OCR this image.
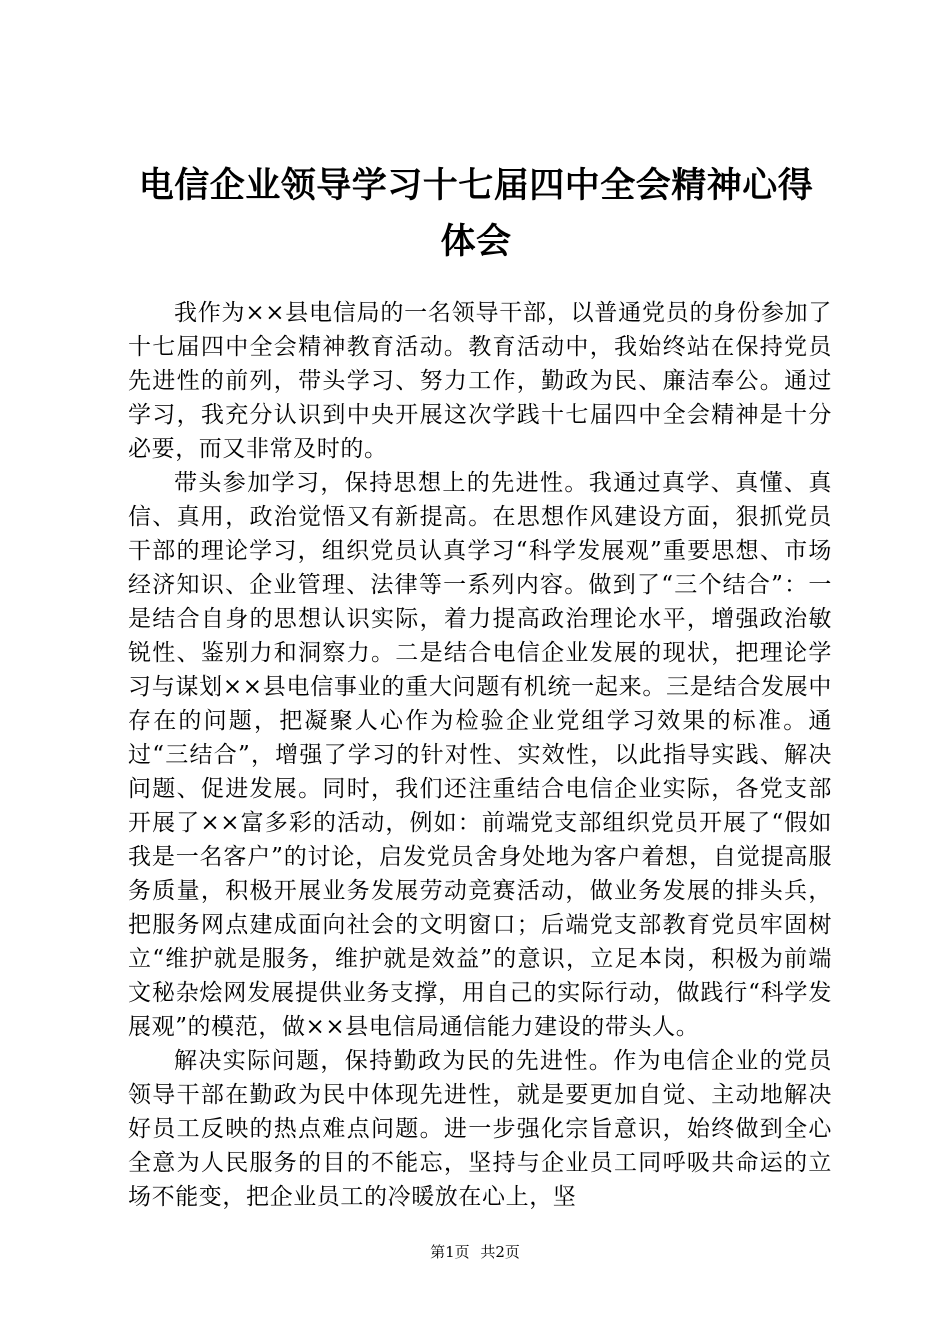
电信企业领导学习十七届四中全会精神心得体会

我作为××县电信局的一名领导干部，以普通党员的身份参加了十七届四中全会精神教育活动。教育活动中，我始终站在保持党员先进性的前列，带头学习、努力工作，勤政为民、廉洁奉公。通过学习，我充分认识到中央开展这次学践十七届四中全会精神是十分必要，而又非常及时的。

带头参加学习，保持思想上的先进性。我通过真学、真懂、真信、真用，政治觉悟又有新提高。在思想作风建设方面，狠抓党员干部的理论学习，组织党员认真学习“科学发展观”重要思想、市场经济知识、企业管理、法律等一系列内容。做到了“三个结合”：一是结合自身的思想认识实际，着力提高政治理论水平，增强政治敏锐性、鉴别力和洞察力。二是结合电信企业发展的现状，把理论学习与谋划××县电信事业的重大问题有机统一起来。三是结合发展中存在的问题，把凝聚人心作为检验企业党组学习效果的标准。通过“三结合”，增强了学习的针对性、实效性，以此指导实践、解决问题、促进发展。同时，我们还注重结合电信企业实际，各党支部开展了××富多彩的活动，例如：前端党支部组织党员开展了“假如我是一名客户”的讨论，启发党员舍身处地为客户着想，自觉提高服务质量，积极开展业务发展劳动竞赛活动，做业务发展的排头兵，把服务网点建成面向社会的文明窗口；后端党支部教育党员牢固树立“维护就是服务，维护就是效益”的意识，立足本岗，积极为前端文秘杂烩网发展提供业务支撑，用自己的实际行动，做践行“科学发展观”的模范，做××县电信局通信能力建设的带头人。

解决实际问题，保持勤政为民的先进性。作为电信企业的党员领导干部在勤政为民中体现先进性，就是要更加自觉、主动地解决好员工反映的热点难点问题。进一步强化宗旨意识，始终做到全心全意为人民服务的目的不能忘，坚持与企业员工同呼吸共命运的立场不能变，把企业员工的冷暖放在心上，坚

第1页 共2页
